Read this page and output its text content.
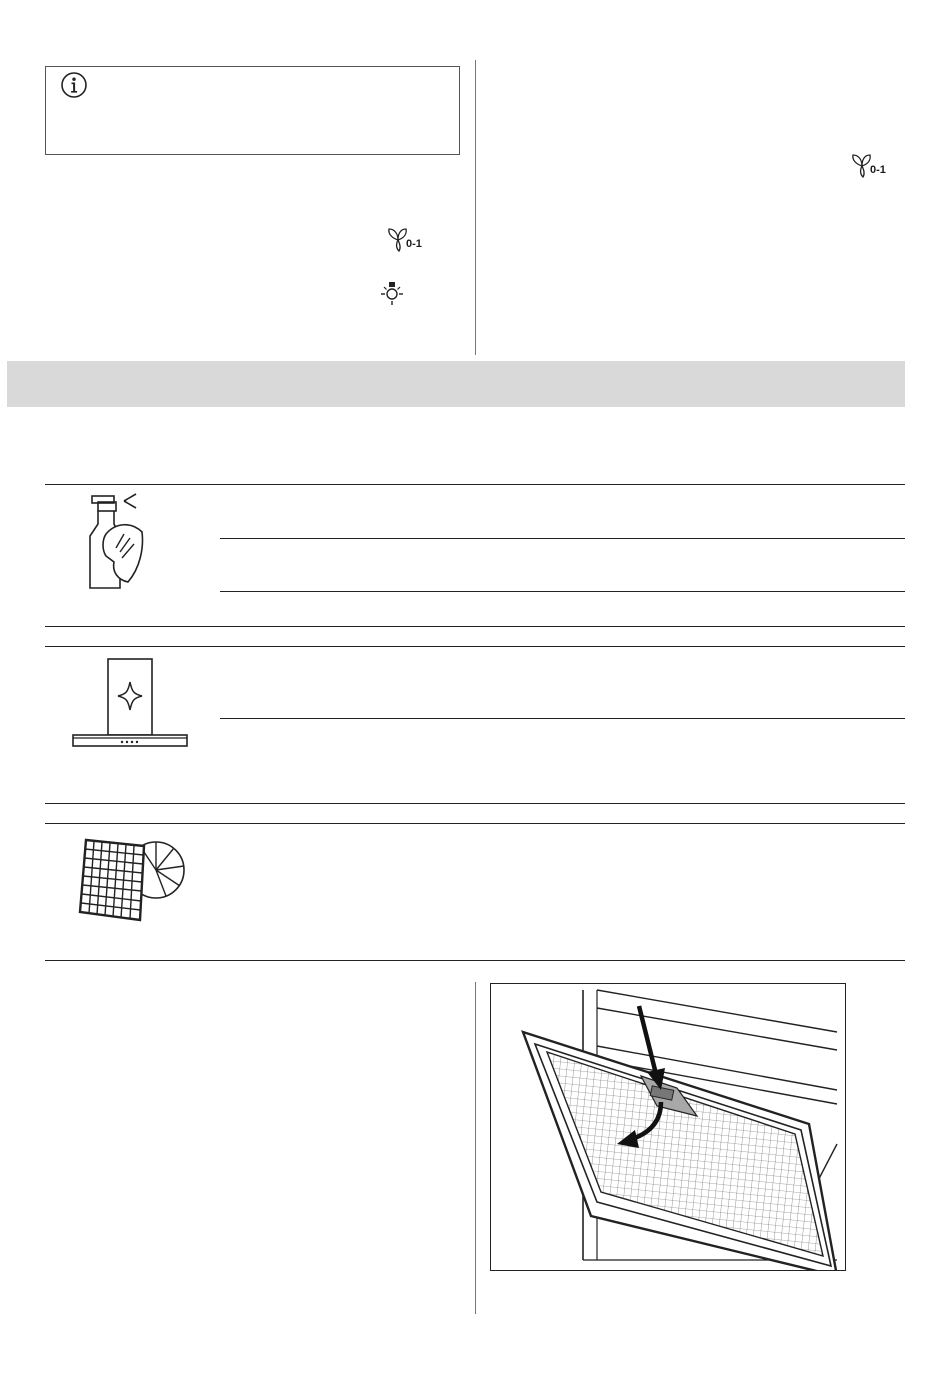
0-1
0-1
